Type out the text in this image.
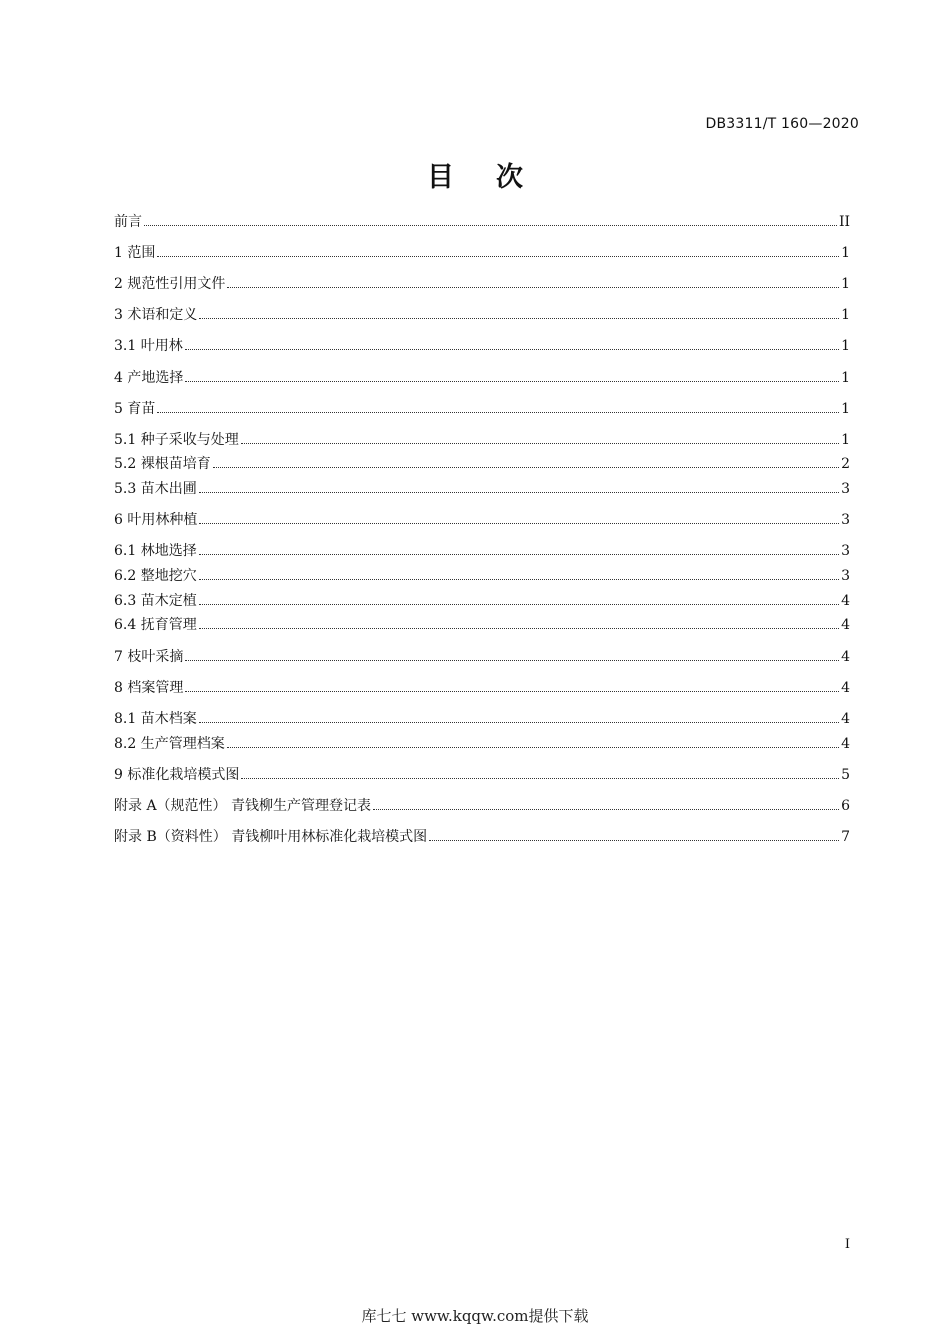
DB3311/T 160—2020
目次
前言	II
1 范围	1
2 规范性引用文件	1
3 术语和定义	1
3.1 叶用林	1
4 产地选择	1
5 育苗	1
5.1 种子采收与处理	1
5.2 裸根苗培育	2
5.3 苗木出圃	3
6 叶用林种植	3
6.1 林地选择	3
6.2 整地挖穴	3
6.3 苗木定植	4
6.4 抚育管理	4
7 枝叶采摘	4
8 档案管理	4
8.1 苗木档案	4
8.2 生产管理档案	4
9 标准化栽培模式图	5
附录 A（规范性） 青钱柳生产管理登记表	6
附录 B（资料性） 青钱柳叶用林标准化栽培模式图	7
I
库七七 www.kqqw.com提供下载
